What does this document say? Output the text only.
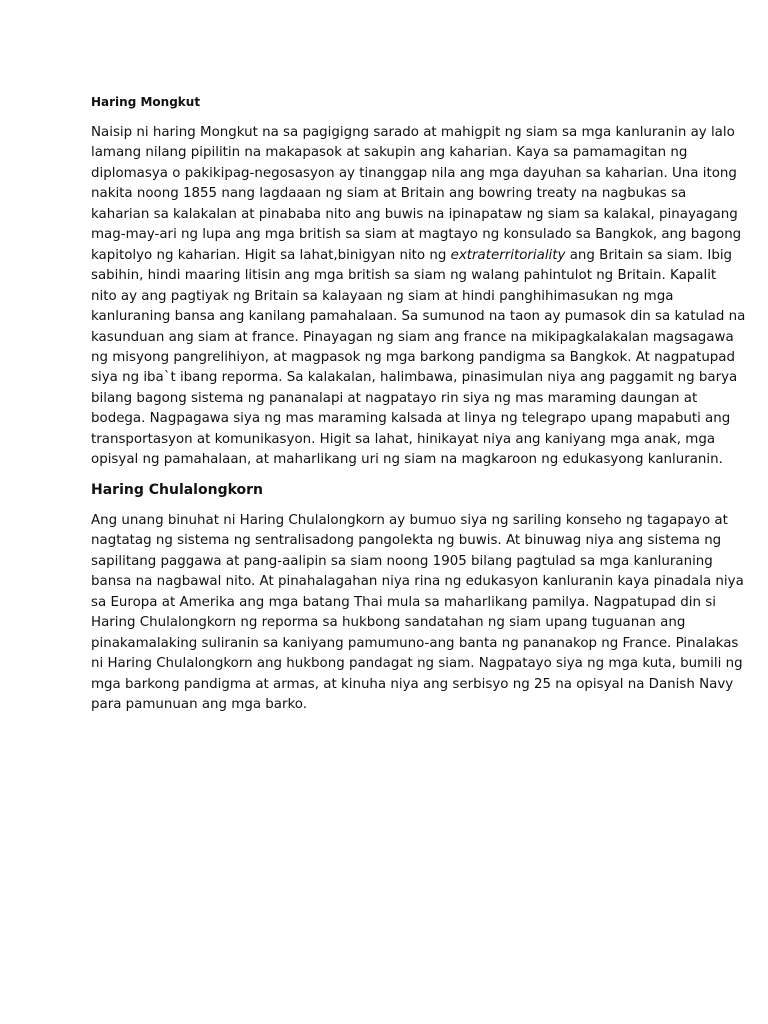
Haring Mongkut
Naisip ni haring Mongkut na sa pagigigng sarado at mahigpit ng siam sa mga kanluranin ay lalo
lamang nilang pipilitin na makapasok at sakupin ang kaharian. Kaya sa pamamagitan ng
diplomasya o pakikipag-negosasyon ay tinanggap nila ang mga dayuhan sa kaharian. Una itong
nakita noong 1855 nang lagdaaan ng siam at Britain ang bowring treaty na nagbukas sa
kaharian sa kalakalan at pinababa nito ang buwis na ipinapataw ng siam sa kalakal, pinayagang
mag-may-ari ng lupa ang mga british sa siam at magtayo ng konsulado sa Bangkok, ang bagong
kapitolyo ng kaharian. Higit sa lahat,binigyan nito ng extraterritoriality ang Britain sa siam. Ibig
sabihin, hindi maaring litisin ang mga british sa siam ng walang pahintulot ng Britain. Kapalit
nito ay ang pagtiyak ng Britain sa kalayaan ng siam at hindi panghihimasukan ng mga
kanluraning bansa ang kanilang pamahalaan. Sa sumunod na taon ay pumasok din sa katulad na
kasunduan ang siam at france. Pinayagan ng siam ang france na mikipagkalakalan magsagawa
ng misyong pangrelihiyon, at magpasok ng mga barkong pandigma sa Bangkok. At nagpatupad
siya ng iba`t ibang reporma. Sa kalakalan, halimbawa, pinasimulan niya ang paggamit ng barya
bilang bagong sistema ng pananalapi at nagpatayo rin siya ng mas maraming daungan at
bodega. Nagpagawa siya ng mas maraming kalsada at linya ng telegrapo upang mapabuti ang
transportasyon at komunikasyon. Higit sa lahat, hinikayat niya ang kaniyang mga anak, mga
opisyal ng pamahalaan, at maharlikang uri ng siam na magkaroon ng edukasyong kanluranin.
Haring Chulalongkorn
Ang unang binuhat ni Haring Chulalongkorn ay bumuo siya ng sariling konseho ng tagapayo at
nagtatag ng sistema ng sentralisadong pangolekta ng buwis. At binuwag niya ang sistema ng
sapilitang paggawa at pang-aalipin sa siam noong 1905 bilang pagtulad sa mga kanluraning
bansa na nagbawal nito. At pinahalagahan niya rina ng edukasyon kanluranin kaya pinadala niya
sa Europa at Amerika ang mga batang Thai mula sa maharlikang pamilya. Nagpatupad din si
Haring Chulalongkorn ng reporma sa hukbong sandatahan ng siam upang tuguanan ang
pinakamalaking suliranin sa kaniyang pamumuno-ang banta ng pananakop ng France. Pinalakas
ni Haring Chulalongkorn ang hukbong pandagat ng siam. Nagpatayo siya ng mga kuta, bumili ng
mga barkong pandigma at armas, at kinuha niya ang serbisyo ng 25 na opisyal na Danish Navy
para pamunuan ang mga barko.
